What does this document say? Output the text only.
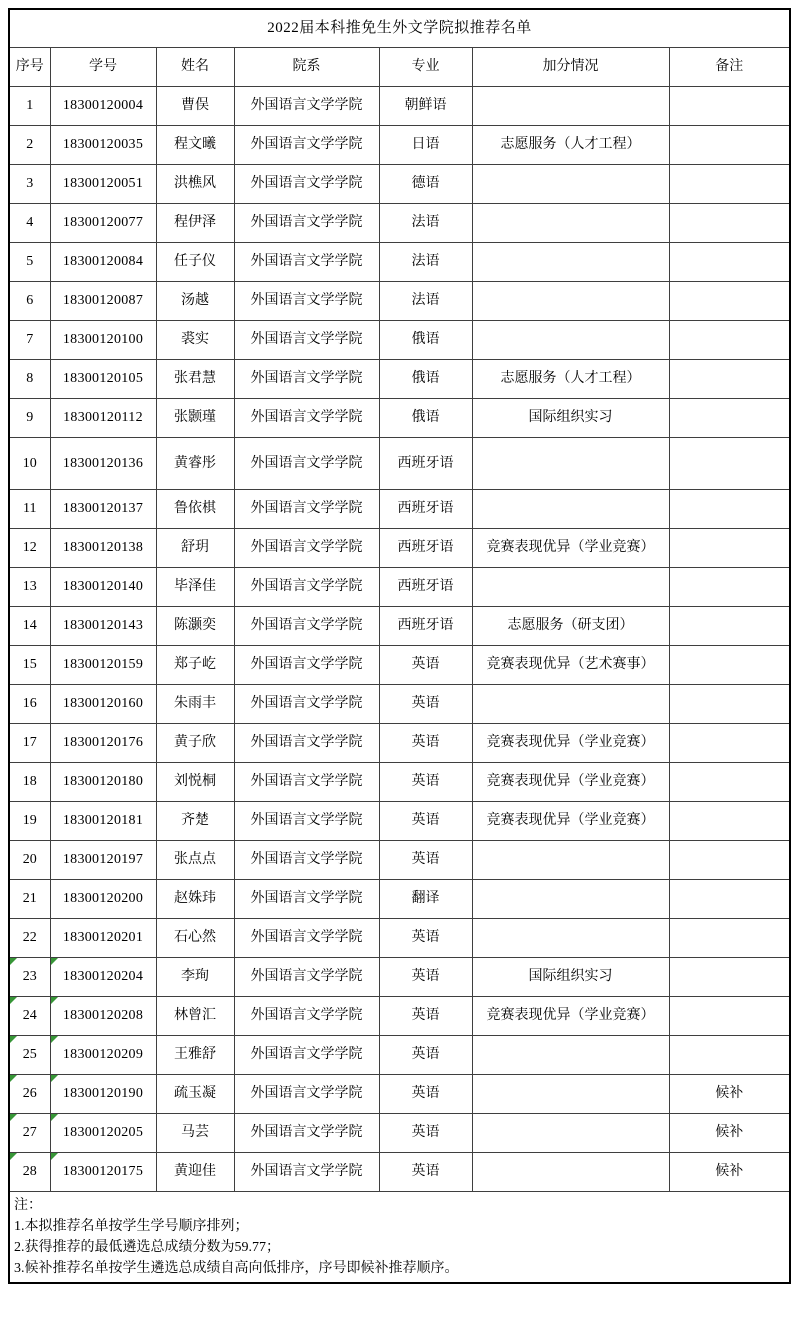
2022届本科推免生外文学院拟推荐名单						
序号	学号	姓名	院系	专业	加分情况	备注
1	18300120004	曹俣	外国语言文学学院	朝鲜语		
2	18300120035	程文曦	外国语言文学学院	日语	志愿服务（人才工程）	
3	18300120051	洪樵风	外国语言文学学院	德语		
4	18300120077	程伊泽	外国语言文学学院	法语		
5	18300120084	任子仪	外国语言文学学院	法语		
6	18300120087	汤越	外国语言文学学院	法语		
7	18300120100	裘实	外国语言文学学院	俄语		
8	18300120105	张君慧	外国语言文学学院	俄语	志愿服务（人才工程）	
9	18300120112	张颢瑾	外国语言文学学院	俄语	国际组织实习	
10	18300120136	黄睿彤	外国语言文学学院	西班牙语		
11	18300120137	鲁依棋	外国语言文学学院	西班牙语		
12	18300120138	舒玥	外国语言文学学院	西班牙语	竞赛表现优异（学业竞赛）	
13	18300120140	毕泽佳	外国语言文学学院	西班牙语		
14	18300120143	陈灏奕	外国语言文学学院	西班牙语	志愿服务（研支团）	
15	18300120159	郑子屹	外国语言文学学院	英语	竞赛表现优异（艺术赛事）	
16	18300120160	朱雨丰	外国语言文学学院	英语		
17	18300120176	黄子欣	外国语言文学学院	英语	竞赛表现优异（学业竞赛）	
18	18300120180	刘悦桐	外国语言文学学院	英语	竞赛表现优异（学业竞赛）	
19	18300120181	齐楚	外国语言文学学院	英语	竞赛表现优异（学业竞赛）	
20	18300120197	张点点	外国语言文学学院	英语		
21	18300120200	赵姝玮	外国语言文学学院	翻译		
22	18300120201	石心然	外国语言文学学院	英语		
23	18300120204	李珣	外国语言文学学院	英语	国际组织实习	
24	18300120208	林曾汇	外国语言文学学院	英语	竞赛表现优异（学业竞赛）	
25	18300120209	王雅舒	外国语言文学学院	英语		
26	18300120190	疏玉凝	外国语言文学学院	英语		候补
27	18300120205	马芸	外国语言文学学院	英语		候补
28	18300120175	黄迎佳	外国语言文学学院	英语		候补

注：
1.本拟推荐名单按学生学号顺序排列；
2.获得推荐的最低遴选总成绩分数为59.77；
3.候补推荐名单按学生遴选总成绩自高向低排序，序号即候补推荐顺序。						
